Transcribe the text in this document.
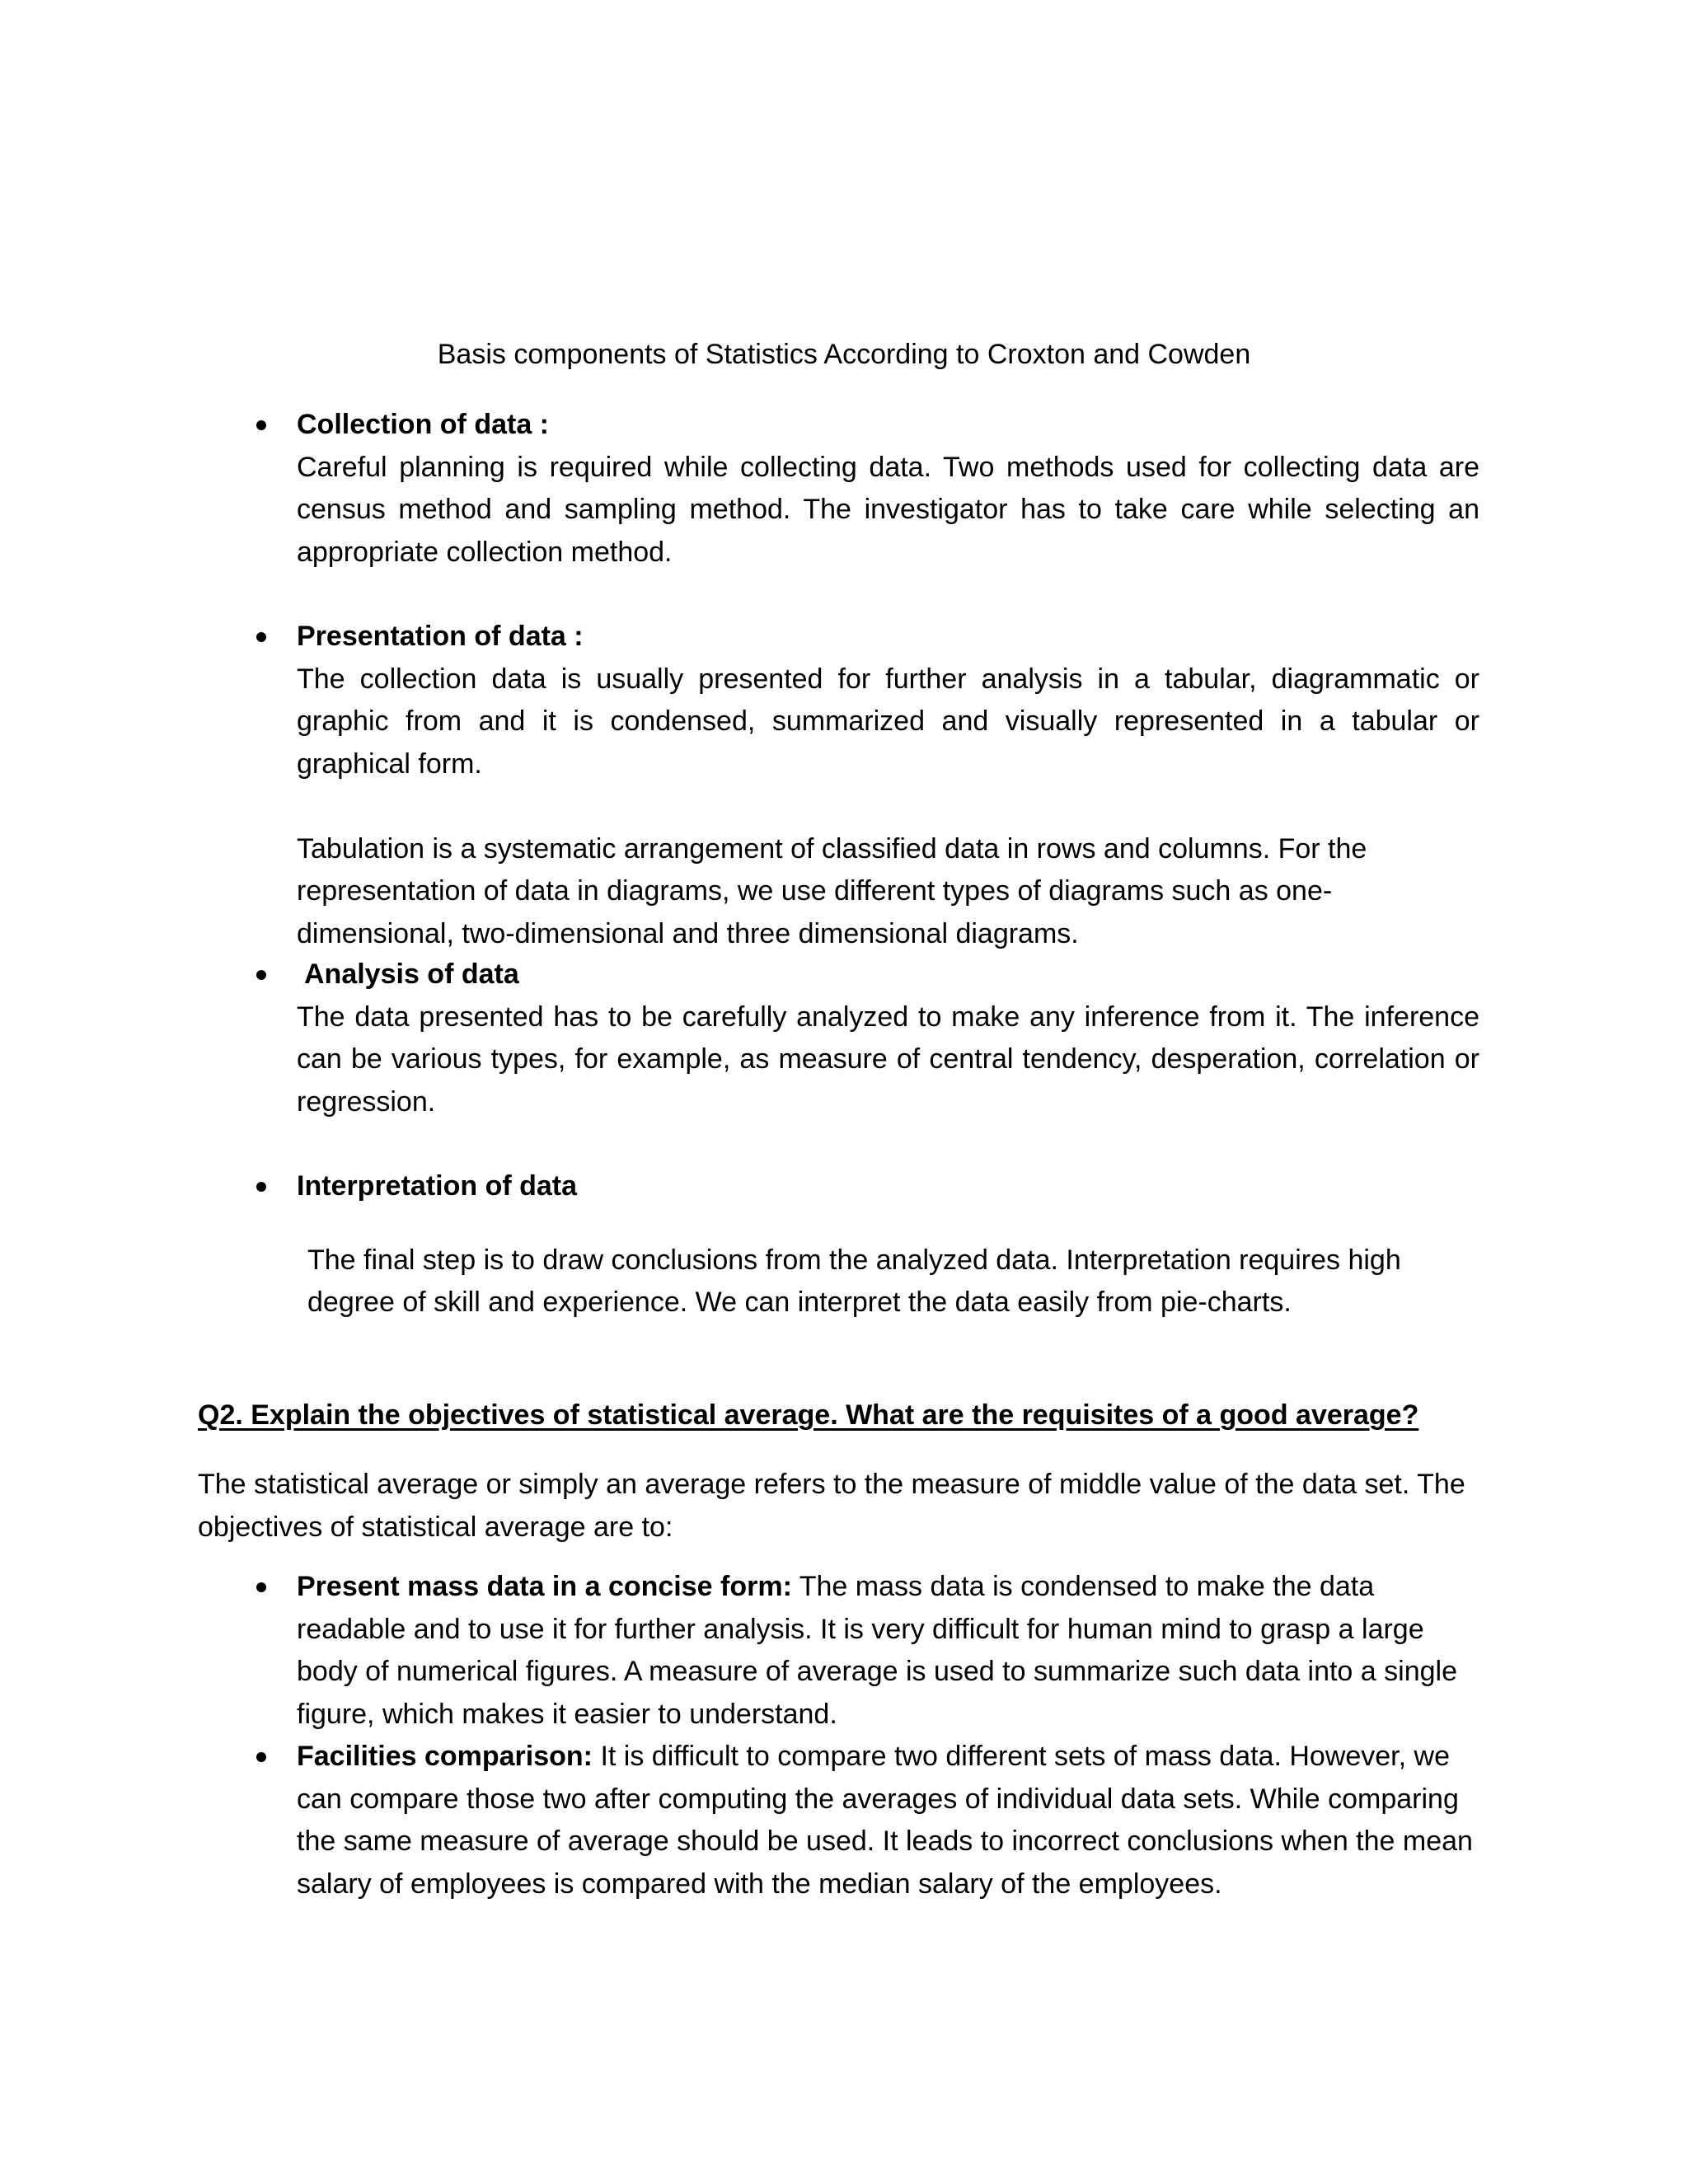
Basis components of Statistics According to Croxton and Cowden

Collection of data :

Careful planning is required while collecting data. Two methods used for collecting data are census method and sampling method. The investigator has to take care while selecting an appropriate collection method.

Presentation of data :

The collection data is usually presented for further analysis in a tabular, diagrammatic or graphic from and it is condensed, summarized and visually represented in a tabular or graphical form.

Tabulation is a systematic arrangement of classified data in rows and columns. For the representation of data in diagrams, we use different types of diagrams such as one-dimensional, two-dimensional and three dimensional diagrams.

Analysis of data

The data presented has to be carefully analyzed to make any inference from it. The inference can be various types, for example, as measure of central tendency, desperation, correlation or regression.

Interpretation of data

The final step is to draw conclusions from the analyzed data. Interpretation requires high degree of skill and experience. We can interpret the data easily from pie-charts.

Q2. Explain the objectives of statistical average. What are the requisites of a good average?

The statistical average or simply an average refers to the measure of middle value of the data set. The objectives of statistical average are to:

Present mass data in a concise form: The mass data is condensed to make the data readable and to use it for further analysis. It is very difficult for human mind to grasp a large body of numerical figures. A measure of average is used to summarize such data into a single figure, which makes it easier to understand.

Facilities comparison: It is difficult to compare two different sets of mass data. However, we can compare those two after computing the averages of individual data sets. While comparing the same measure of average should be used. It leads to incorrect conclusions when the mean salary of employees is compared with the median salary of the employees.
